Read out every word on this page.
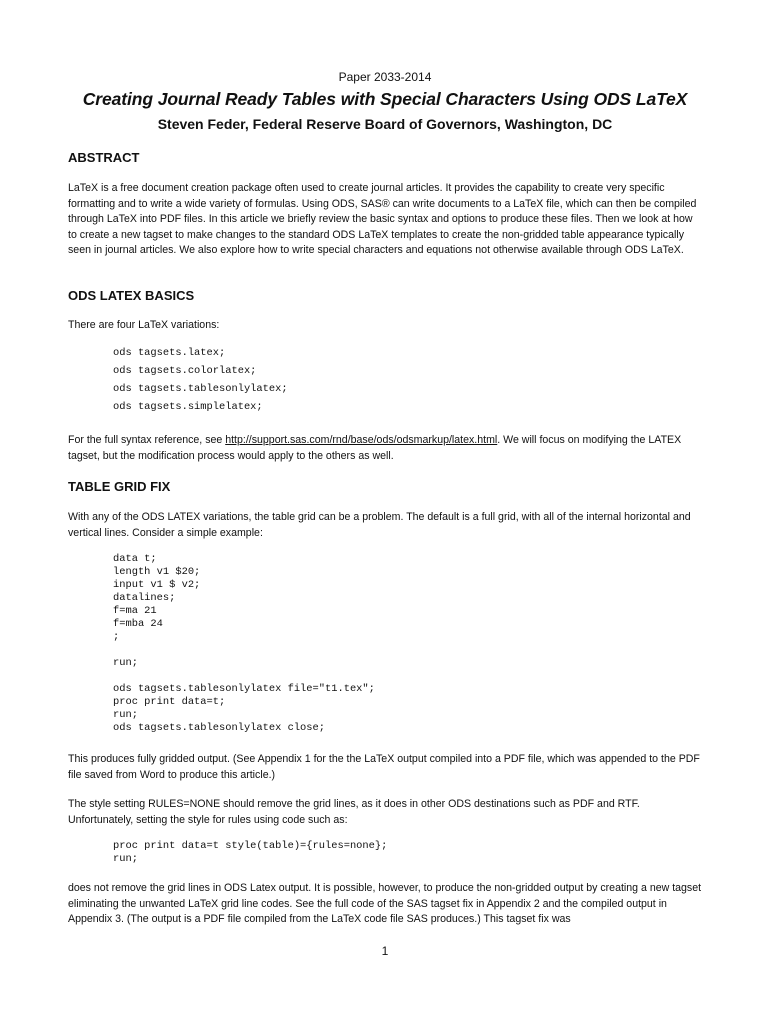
Paper 2033-2014
Creating Journal Ready Tables with Special Characters Using ODS LaTeX
Steven Feder, Federal Reserve Board of Governors, Washington, DC
ABSTRACT
LaTeX is a free document creation package often used to create journal articles. It provides the capability to create very specific formatting and to write a wide variety of formulas. Using ODS, SAS® can write documents to a LaTeX file, which can then be compiled through LaTeX into PDF files. In this article we briefly review the basic syntax and options to produce these files. Then we look at how to create a new tagset to make changes to the standard ODS LaTeX templates to create the non-gridded table appearance typically seen in journal articles. We also explore how to write special characters and equations not otherwise available through ODS LaTeX.
ODS LATEX BASICS
There are four LaTeX variations:
ods tagsets.latex;
ods tagsets.colorlatex;
ods tagsets.tablesonlylatex;
ods tagsets.simplelatex;
For the full syntax reference, see http://support.sas.com/rnd/base/ods/odsmarkup/latex.html. We will focus on modifying the LATEX tagset, but the modification process would apply to the others as well.
TABLE GRID FIX
With any of the ODS LATEX variations, the table grid can be a problem. The default is a full grid, with all of the internal horizontal and vertical lines. Consider a simple example:
data t;
length v1 $20;
input v1 $ v2;
datalines;
f=ma 21
f=mba 24
;

run;

ods tagsets.tablesonlylatex file="t1.tex";
proc print data=t;
run;
ods tagsets.tablesonlylatex close;
This produces fully gridded output. (See Appendix 1 for the the LaTeX output compiled into a PDF file, which was appended to the PDF file saved from Word to produce this article.)
The style setting RULES=NONE should remove the grid lines, as it does in other ODS destinations such as PDF and RTF. Unfortunately, setting the style for rules using code such as:
proc print data=t style(table)={rules=none};
run;
does not remove the grid lines in ODS Latex output. It is possible, however, to produce the non-gridded output by creating a new tagset eliminating the unwanted LaTeX grid line codes. See the full code of the SAS tagset fix in Appendix 2 and the compiled output in Appendix 3. (The output is a PDF file compiled from the LaTeX code file SAS produces.) This tagset fix was
1
